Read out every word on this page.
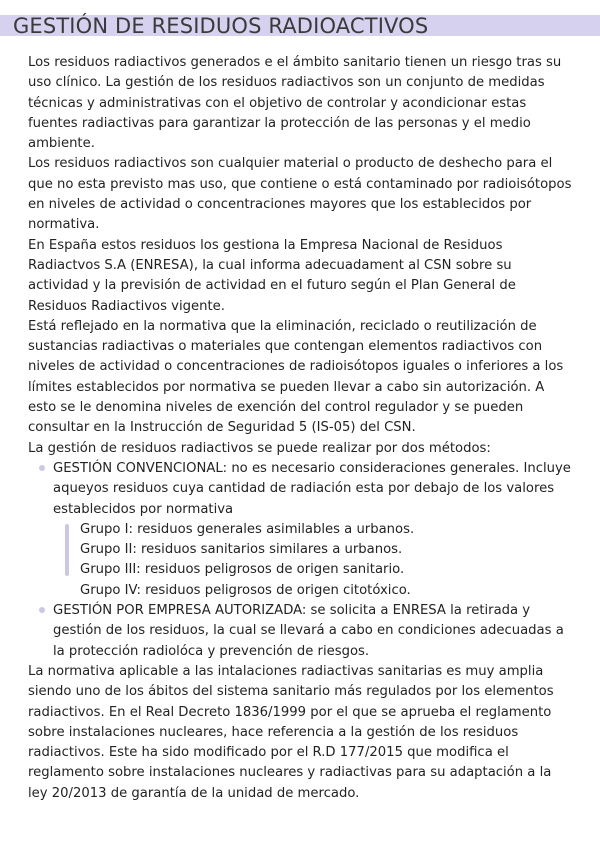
GESTIÓN DE RESIDUOS RADIOACTIVOS

Los residuos radiactivos generados e el ámbito sanitario tienen un riesgo tras su uso clínico. La gestión de los residuos radiactivos son un conjunto de medidas técnicas y administrativas con el objetivo de controlar y acondicionar estas fuentes radiactivas para garantizar la protección de las personas y el medio ambiente.

Los residuos radiactivos son cualquier material o producto de deshecho para el que no esta previsto mas uso, que contiene o está contaminado por radioisótopos en niveles de actividad o concentraciones mayores que los establecidos por normativa.

En España estos residuos los gestiona la Empresa Nacional de Residuos Radiactvos S.A (ENRESA), la cual informa adecuadament al CSN sobre su actividad y la previsión de actividad en el futuro según el Plan General de Residuos Radiactivos vigente.

Está reflejado en la normativa que la eliminación, reciclado o reutilización de sustancias radiactivas o materiales que contengan elementos radiactivos con niveles de actividad o concentraciones de radioisótopos iguales o inferiores a los límites establecidos por normativa se pueden llevar a cabo sin autorización. A esto se le denomina niveles de exención del control regulador y se pueden consultar en la Instrucción de Seguridad 5 (IS-05) del CSN.

La gestión de residuos radiactivos se puede realizar por dos métodos:

GESTIÓN CONVENCIONAL: no es necesario consideraciones generales. Incluye aqueyos residuos cuya cantidad de radiación esta por debajo de los valores establecidos por normativa
Grupo I: residuos generales asimilables a urbanos.
Grupo II: residuos sanitarios similares a urbanos.
Grupo III: residuos peligrosos de origen sanitario.
Grupo IV: residuos peligrosos de origen citotóxico.
GESTIÓN POR EMPRESA AUTORIZADA: se solicita a ENRESA la retirada y gestión de los residuos, la cual se llevará a cabo en condiciones adecuadas a la protección radiolóca y prevención de riesgos.

La normativa aplicable a las intalaciones radiactivas sanitarias es muy amplia siendo uno de los ábitos del sistema sanitario más regulados por los elementos radiactivos. En el Real Decreto 1836/1999 por el que se aprueba el reglamento sobre instalaciones nucleares, hace referencia a la gestión de los residuos radiactivos. Este ha sido modificado por el R.D 177/2015 que modifica el reglamento sobre instalaciones nucleares y radiactivas para su adaptación a la ley 20/2013 de garantía de la unidad de mercado.
